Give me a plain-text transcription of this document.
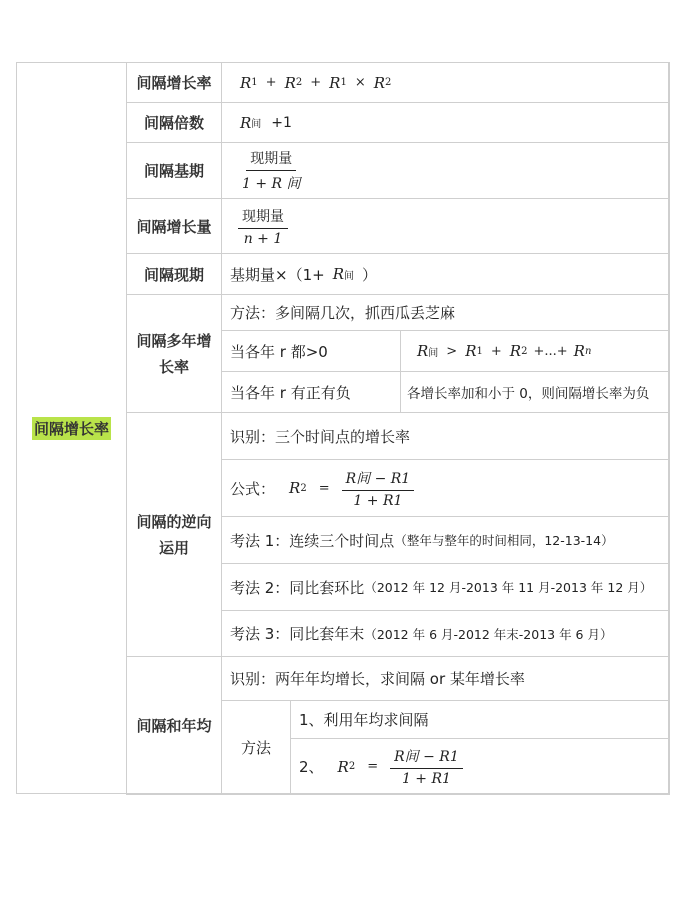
间隔增长率
间隔增长率 R 1 + R 2 + R 1 × R 2
间隔倍数 R 间 +1
间隔基期 $\frac{\text{现期量}}{\text{1 + R 间}}$
间隔增长量 $\frac{\text{现期量}}{n + 1}$
间隔现期 基期量×（1+ R 间 ）
间隔多年增
长率
方法：多间隔几次，抓西瓜丢芝麻
当各年 r 都>0	R 间 > R 1 + R 2 +...+ R n
当各年 r 有正有负	各增长率加和小于 0，则间隔增长率为负
间隔的逆向
运用
识别：三个时间点的增长率
公式： R $2 = \frac{\text{R间 − R1}}{1 + R1}$
考法 1：连续三个时间点 （整年与整年的时间相同，12-13-14）
考法 2：同比套环比 （2012 年 12 月-2013 年 11 月-2013 年 12 月）
考法 3：同比套年末 （2012 年 6 月-2012 年末-2013 年 6 月）
间隔和年均
识别：两年年均增长，求间隔 or 某年增长率
方法
1、利用年均求间隔
2、 R $2 = \frac{\text{R间 − R1}}{1 + R1}$
